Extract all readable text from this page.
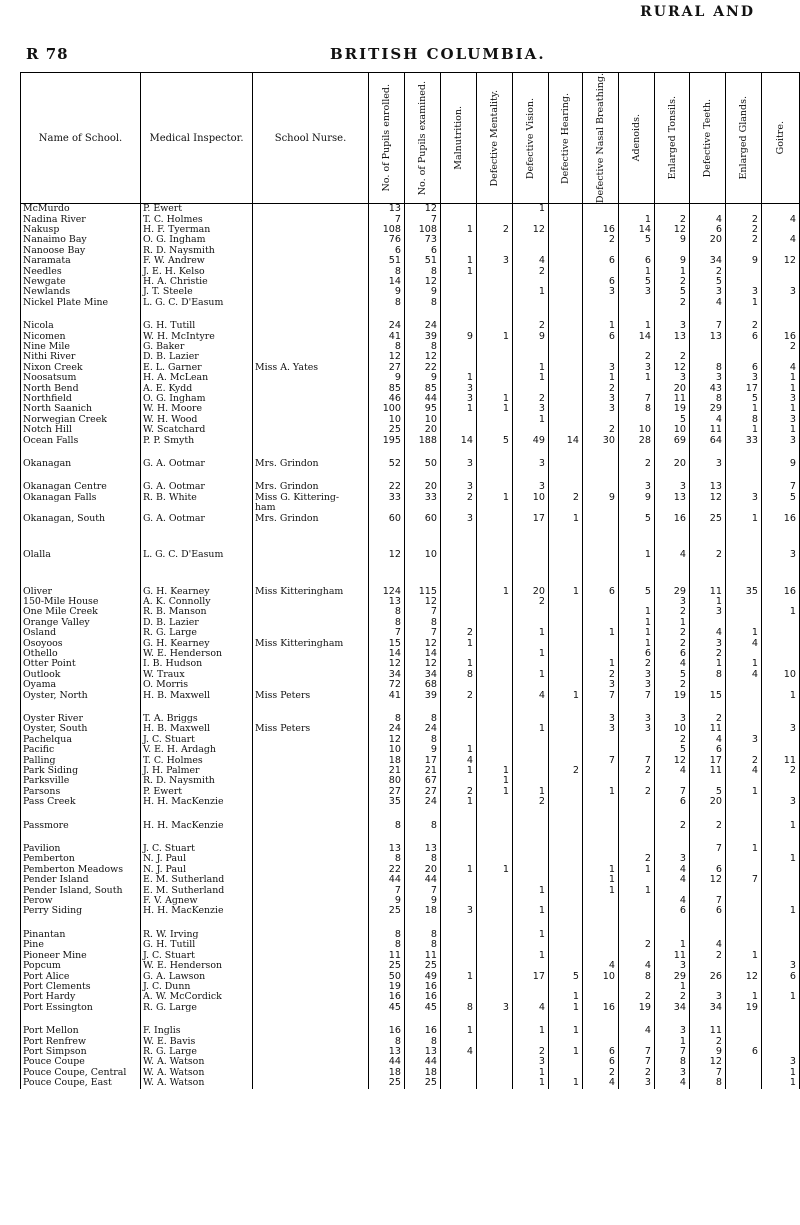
R 78	BRITISH COLUMBIA.
RURAL AND
Name of School.	Medical Inspector.	School Nurse.	No. of Pupils enrolled.	No. of Pupils examined.	Malnutrition.	Defective Mentality.	Defective Vision.	Defective Hearing.	Defective Nasal Breathing.	Adenoids.	Enlarged Tonsils.	Defective Teeth.	Enlarged Glands.	Goitre.

McMurdo	P. Ewert		13	12			1							
Nadina River	T. C. Holmes		7	7						1	2	4	2	4
Nakusp	H. F. Tyerman		108	108	1	2	12		16	14	12	6	2	
Nanaimo Bay	O. G. Ingham		76	73					2	5	9	20	2	4
Nanoose Bay	R. D. Naysmith		6	6										
Naramata	F. W. Andrew		51	51	1	3	4		6	6	9	34	9	12
Needles	J. E. H. Kelso		8	8	1		2			1	1	2		
Newgate	H. A. Christie		14	12					6	5	2	5		
Newlands	J. T. Steele		9	9			1		3	3	5	3	3	3
Nickel Plate Mine	L. G. C. D'Easum		8	8							2	4	1	

Nicola	G. H. Tutill		24	24			2		1	1	3	7	2	
Nicomen	W. H. McIntyre		41	39	9	1	9		6	14	13	13	6	16
Nine Mile	G. Baker		8	8										2
Nithi River	D. B. Lazier		12	12						2	2			
Nixon Creek	E. L. Garner	Miss A. Yates	27	22			1		3	3	12	8	6	4
Noosatsum	H. A. McLean		9	9	1		1		1	1	3	3	3	1
North Bend	A. E. Kydd		85	85	3				2		20	43	17	1
Northfield	O. G. Ingham		46	44	3	1	2		3	7	11	8	5	3
North Saanich	W. H. Moore		100	95	1	1	3		3	8	19	29	1	1
Norwegian Creek	W. H. Wood		10	10			1				5	4	8	3
Notch Hill	W. Scatchard		25	20					2	10	10	11	1	1
Ocean Falls	P. P. Smyth		195	188	14	5	49	14	30	28	69	64	33	3

Okanagan	G. A. Ootmar	Mrs. Grindon	52	50	3		3			2	20	3		9

Okanagan Centre	G. A. Ootmar	Mrs. Grindon	22	20	3		3			3	3	13		7
Okanagan Falls	R. B. White	Miss G. Kittering-	33	33	2	1	10	2	9	9	13	12	3	5
		ham												
Okanagan, South	G. A. Ootmar	Mrs. Grindon	60	60	3		17	1		5	16	25	1	16

Olalla	L. G. C. D'Easum		12	10						1	4	2		3

Oliver	G. H. Kearney	Miss Kitteringham	124	115		1	20	1	6	5	29	11	35	16
150-Mile House	A. K. Connolly		13	12			2				3	1		
One Mile Creek	R. B. Manson		8	7						1	2	3		1
Orange Valley	D. B. Lazier		8	8						1	1			
Osland	R. G. Large		7	7	2		1		1	1	2	4	1	
Osoyoos	G. H. Kearney	Miss Kitteringham	15	12	1					1	2	3	4	
Othello	W. E. Henderson		14	14			1			6	6	2		
Otter Point	I. B. Hudson		12	12	1				1	2	4	1	1	
Outlook	W. Traux		34	34	8		1		2	3	5	8	4	10
Oyama	O. Morris		72	68					3	3	2			
Oyster, North	H. B. Maxwell	Miss Peters	41	39	2		4	1	7	7	19	15		1

Oyster River	T. A. Briggs		8	8					3	3	3	2		
Oyster, South	H. B. Maxwell	Miss Peters	24	24			1		3	3	10	11		3
Pachelqua	J. C. Stuart		12	8							2	4	3	
Pacific	V. E. H. Ardagh		10	9	1						5	6		
Palling	T. C. Holmes		18	17	4				7	7	12	17	2	11
Park Siding	J. H. Palmer		21	21	1	1		2		2	4	11	4	2
Parksville	R. D. Naysmith		80	67		1								
Parsons	P. Ewert		27	27	2	1	1		1	2	7	5	1	
Pass Creek	H. H. MacKenzie		35	24	1		2				6	20		3

Passmore	H. H. MacKenzie		8	8							2	2		1

Pavilion	J. C. Stuart		13	13								7	1	
Pemberton	N. J. Paul		8	8						2	3			1
Pemberton Meadows	N. J. Paul		22	20	1	1			1	1	4	6		
Pender Island	E. M. Sutherland		44	44					1		4	12	7	
Pender Island, South	E. M. Sutherland		7	7			1		1	1				
Perow	F. V. Agnew		9	9							4	7		
Perry Siding	H. H. MacKenzie		25	18	3		1				6	6		1

Pinantan	R. W. Irving		8	8			1							
Pine	G. H. Tutill		8	8						2	1	4		
Pioneer Mine	J. C. Stuart		11	11			1				11	2	1	
Popcum	W. E. Henderson		25	25					4	4	3			3
Port Alice	G. A. Lawson		50	49	1		17	5	10	8	29	26	12	6
Port Clements	J. C. Dunn		19	16							1			
Port Hardy	A. W. McCordick		16	16				1		2	2	3	1	1
Port Essington	R. G. Large		45	45	8	3	4	1	16	19	34	34	19	

Port Mellon	F. Inglis		16	16	1		1	1		4	3	11		
Port Renfrew	W. E. Bavis		8	8							1	2		
Port Simpson	R. G. Large		13	13	4		2	1	6	7	7	9	6	
Pouce Coupe	W. A. Watson		44	44			3		6	7	8	12		3
Pouce Coupe, Central	W. A. Watson		18	18			1		2	2	3	7		1
Pouce Coupe, East	W. A. Watson		25	25			1	1	4	3	4	8		1
